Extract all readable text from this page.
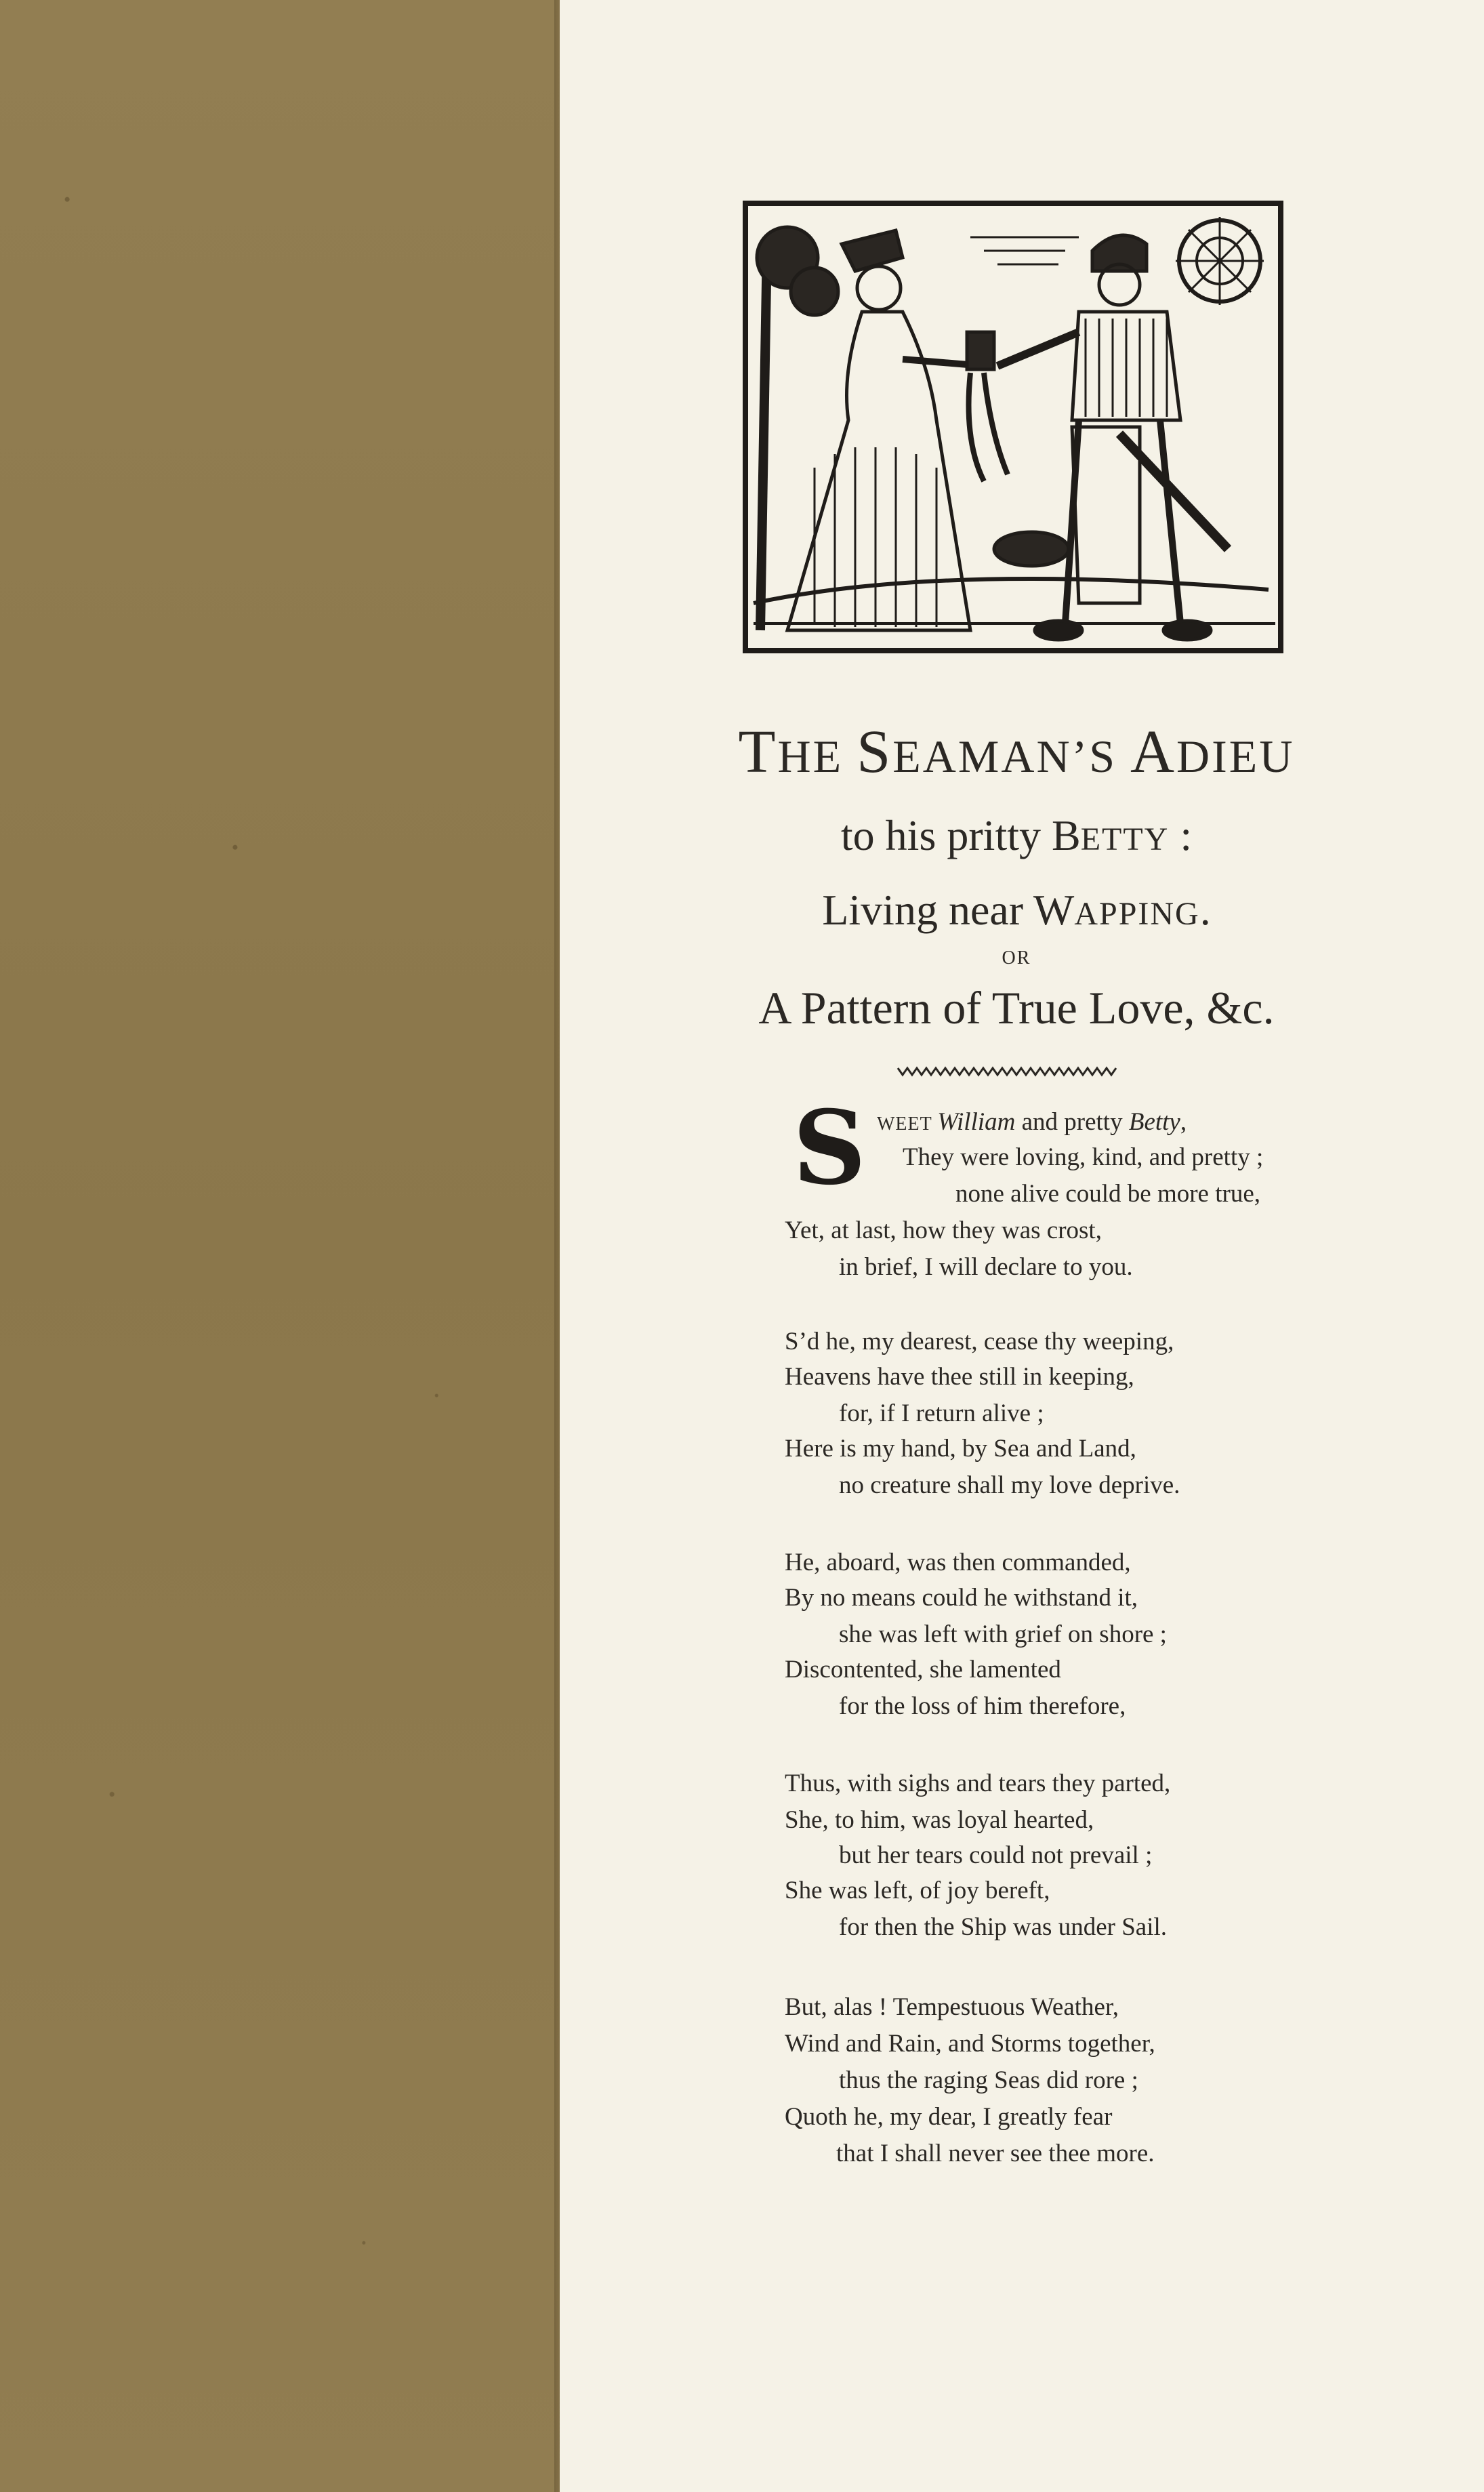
THE SEAMAN’S ADIEU

to his pritty BETTY :

Living near WAPPING.

OR

A Pattern of True Love, &c.

S WEET William and pretty Betty,
They were loving, kind, and pretty ;
none alive could be more true,
Yet, at last, how they was crost,
in brief, I will declare to you.
S’d he, my dearest, cease thy weeping,
Heavens have thee still in keeping,
for, if I return alive ;
Here is my hand, by Sea and Land,
no creature shall my love deprive.
He, aboard, was then commanded,
By no means could he withstand it,
she was left with grief on shore ;
Discontented, she lamented
for the loss of him therefore,
Thus, with sighs and tears they parted,
She, to him, was loyal hearted,
but her tears could not prevail ;
She was left, of joy bereft,
for then the Ship was under Sail.
But, alas ! Tempestuous Weather,
Wind and Rain, and Storms together,
thus the raging Seas did rore ;
Quoth he, my dear, I greatly fear
that I shall never see thee more.
